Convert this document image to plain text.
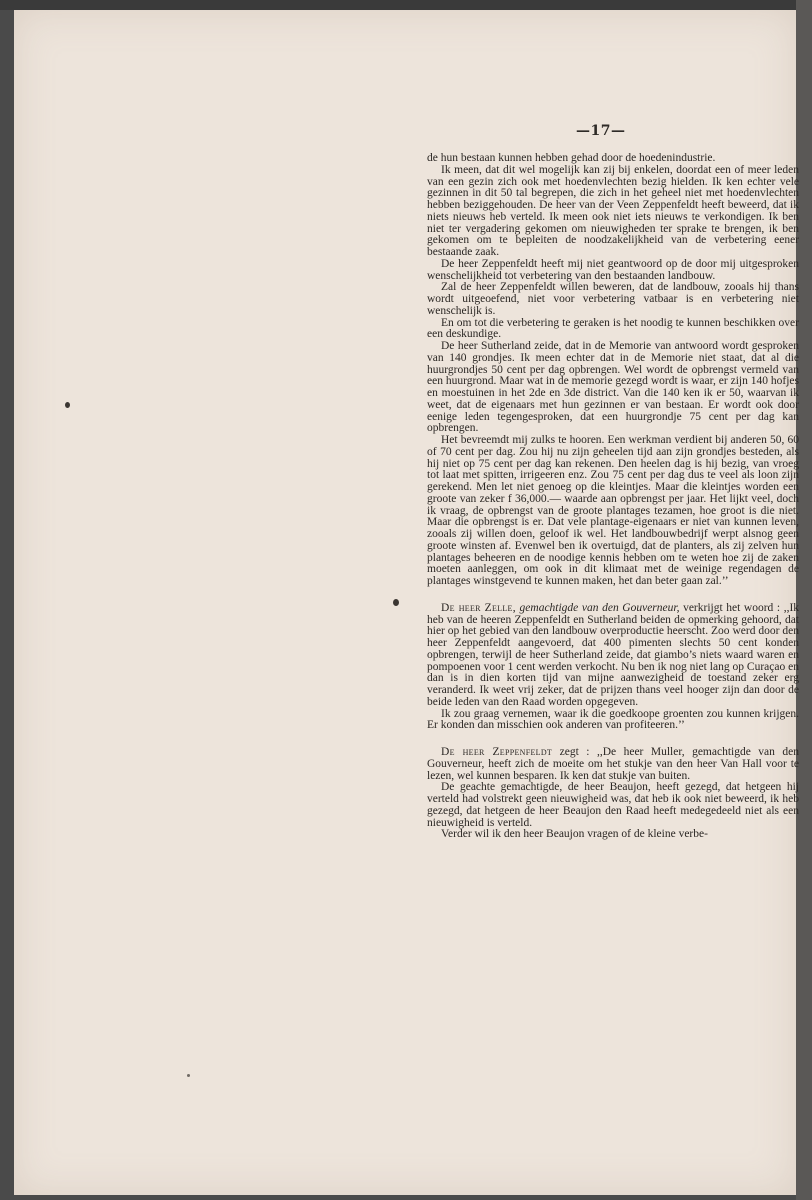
—17—

de hun bestaan kunnen hebben gehad door de hoedenindustrie.

Ik meen, dat dit wel mogelijk kan zij bij enkelen, doordat een of meer leden van een gezin zich ook met hoedenvlechten bezig hielden. Ik ken echter vele gezinnen in dit 50 tal begrepen, die zich in het geheel niet met hoedenvlechten hebben beziggehouden. De heer van der Veen Zeppenfeldt heeft beweerd, dat ik niets nieuws heb verteld. Ik meen ook niet iets nieuws te verkondigen. Ik ben niet ter vergadering gekomen om nieuwigheden ter sprake te brengen, ik ben gekomen om te bepleiten de noodzakelijkheid van de verbetering eener bestaande zaak.

De heer Zeppenfeldt heeft mij niet geantwoord op de door mij uitgesproken wenschelijkheid tot verbetering van den bestaanden landbouw.

Zal de heer Zeppenfeldt willen beweren, dat de landbouw, zooals hij thans wordt uitgeoefend, niet voor verbetering vatbaar is en verbetering niet wenschelijk is.

En om tot die verbetering te geraken is het noodig te kunnen beschikken over een deskundige.

De heer Sutherland zeide, dat in de Memorie van antwoord wordt gesproken van 140 grondjes. Ik meen echter dat in de Memorie niet staat, dat al die huurgrondjes 50 cent per dag opbrengen. Wel wordt de opbrengst vermeld van een huurgrond. Maar wat in de memorie gezegd wordt is waar, er zijn 140 hofjes en moestuinen in het 2de en 3de district. Van die 140 ken ik er 50, waarvan ik weet, dat de eigenaars met hun gezinnen er van bestaan. Er wordt ook door eenige leden tegengesproken, dat een huurgrondje 75 cent per dag kan opbrengen.

Het bevreemdt mij zulks te hooren. Een werkman verdient bij anderen 50, 60 of 70 cent per dag. Zou hij nu zijn geheelen tijd aan zijn grondjes besteden, als hij niet op 75 cent per dag kan rekenen. Den heelen dag is hij bezig, van vroeg tot laat met spitten, irrigeeren enz. Zou 75 cent per dag dus te veel als loon zijn gerekend. Men let niet genoeg op die kleintjes. Maar die kleintjes worden een groote van zeker f 36,000.— waarde aan opbrengst per jaar. Het lijkt veel, doch ik vraag, de opbrengst van de groote plantages tezamen, hoe groot is die niet. Maar die opbrengst is er. Dat vele plantage-eigenaars er niet van kunnen leven, zooals zij willen doen, geloof ik wel. Het landbouwbedrijf werpt alsnog geen groote winsten af. Evenwel ben ik overtuigd, dat de planters, als zij zelven hun plantages beheeren en de noodige kennis hebben om te weten hoe zij de zaken moeten aanleggen, om ook in dit klimaat met de weinige regendagen de plantages winstgevend te kunnen maken, het dan beter gaan zal.’’

De heer Zelle, gemachtigde van den Gouverneur, verkrijgt het woord : ,,Ik heb van de heeren Zeppenfeldt en Sutherland beiden de opmerking gehoord, dat hier op het gebied van den landbouw overproductie heerscht. Zoo werd door den heer Zeppenfeldt aangevoerd, dat 400 pimenten slechts 50 cent konden opbrengen, terwijl de heer Sutherland zeide, dat giambo’s niets waard waren en pompoenen voor 1 cent werden verkocht. Nu ben ik nog niet lang op Curaçao en dan is in dien korten tijd van mijne aanwezigheid de toestand zeker erg veranderd. Ik weet vrij zeker, dat de prijzen thans veel hooger zijn dan door de beide leden van den Raad worden opgegeven.

Ik zou graag vernemen, waar ik die goedkoope groenten zou kunnen krijgen. Er konden dan misschien ook anderen van profiteeren.’’

De heer Zeppenfeldt zegt : ,,De heer Muller, gemachtigde van den Gouverneur, heeft zich de moeite om het stukje van den heer Van Hall voor te lezen, wel kunnen besparen. Ik ken dat stukje van buiten.

De geachte gemachtigde, de heer Beaujon, heeft gezegd, dat hetgeen hij verteld had volstrekt geen nieuwigheid was, dat heb ik ook niet beweerd, ik heb gezegd, dat hetgeen de heer Beaujon den Raad heeft medegedeeld niet als een nieuwigheid is verteld.

Verder wil ik den heer Beaujon vragen of de kleine verbe-
